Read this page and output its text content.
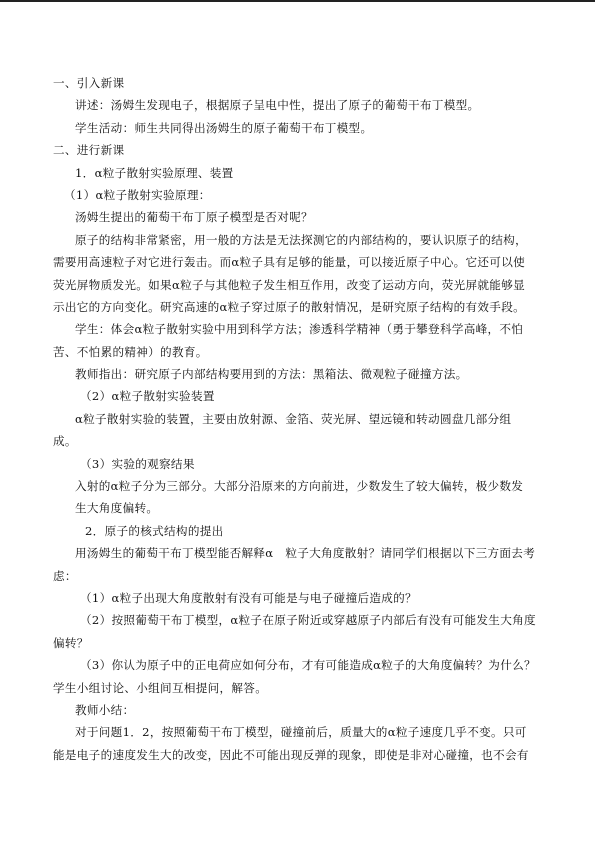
一、引入新课
讲述：汤姆生发现电子，根据原子呈电中性，提出了原子的葡萄干布丁模型。
学生活动：师生共同得出汤姆生的原子葡萄干布丁模型。
二、进行新课
1．α粒子散射实验原理、装置
（1）α粒子散射实验原理：
汤姆生提出的葡萄干布丁原子模型是否对呢？
原子的结构非常紧密，用一般的方法是无法探测它的内部结构的，要认识原子的结构，
需要用高速粒子对它进行轰击。而α粒子具有足够的能量，可以接近原子中心。它还可以使
荧光屏物质发光。如果α粒子与其他粒子发生相互作用，改变了运动方向，荧光屏就能够显
示出它的方向变化。研究高速的α粒子穿过原子的散射情况，是研究原子结构的有效手段。
学生：体会α粒子散射实验中用到科学方法；渗透科学精神（勇于攀登科学高峰，不怕
苦、不怕累的精神）的教育。
教师指出：研究原子内部结构要用到的方法：黑箱法、微观粒子碰撞方法。
（2）α粒子散射实验装置
α粒子散射实验的装置，主要由放射源、金箔、荧光屏、望远镜和转动圆盘几部分组
成。
（3）实验的观察结果
入射的α粒子分为三部分。大部分沿原来的方向前进，少数发生了较大偏转，极少数发
生大角度偏转。
2．原子的核式结构的提出
用汤姆生的葡萄干布丁模型能否解释α　粒子大角度散射？请同学们根据以下三方面去考
虑：
（1）α粒子出现大角度散射有没有可能是与电子碰撞后造成的？
（2）按照葡萄干布丁模型，α粒子在原子附近或穿越原子内部后有没有可能发生大角度
偏转？
（3）你认为原子中的正电荷应如何分布，才有可能造成α粒子的大角度偏转？为什么？
学生小组讨论、小组间互相提问，解答。
教师小结：
对于问题1．2，按照葡萄干布丁模型，碰撞前后，质量大的α粒子速度几乎不变。只可
能是电子的速度发生大的改变，因此不可能出现反弹的现象，即使是非对心碰撞，也不会有
